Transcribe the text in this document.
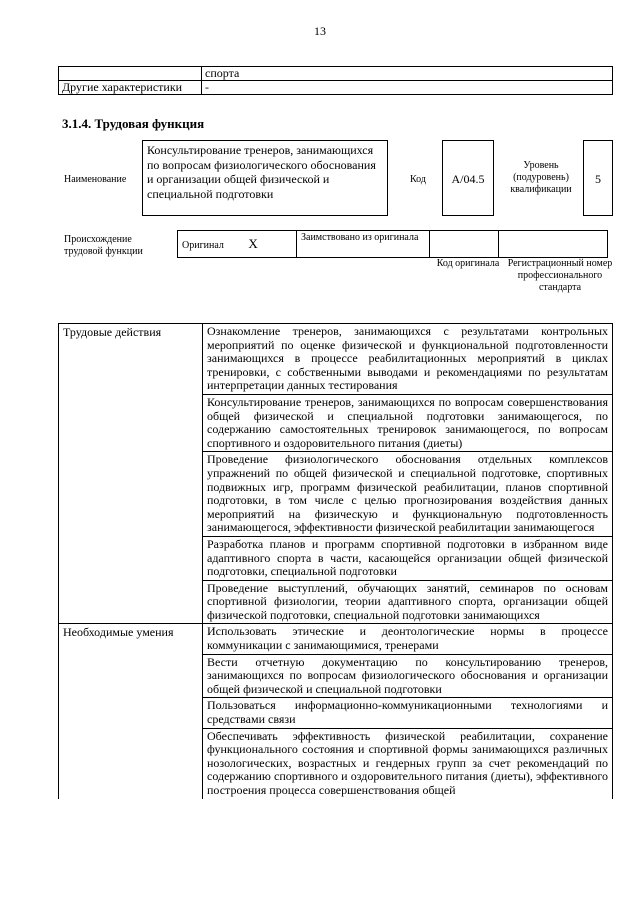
13
	спорта
Другие характеристики	-
3.1.4. Трудовая функция
Наименование
Консультирование тренеров, занимающихся по вопросам физиологического обоснования и организации общей физической и специальной подготовки
Код	A/04.5
Уровень (подуровень) квалификации
5
Происхождение
трудовой функции
Оригинал X	Заимствовано из оригинала		
Код оригинала Регистрационный номер профессионального стандарта
Трудовые действия	Ознакомление тренеров, занимающихся с результатами контрольных мероприятий по оценке физической и функциональной подготовленности занимающихся в процессе реабилитационных мероприятий в циклах тренировки, с собственными выводами и рекомендациями по результатам интерпретации данных тестирования
	Консультирование тренеров, занимающихся по вопросам совершенствования общей физической и специальной подготовки занимающегося, по содержанию самостоятельных тренировок занимающегося, по вопросам спортивного и оздоровительного питания (диеты)
	Проведение физиологического обоснования отдельных комплексов упражнений по общей физической и специальной подготовке, спортивных подвижных игр, программ физической реабилитации, планов спортивной подготовки, в том числе с целью прогнозирования воздействия данных мероприятий на физическую и функциональную подготовленность занимающегося, эффективности физической реабилитации занимающегося
	Разработка планов и программ спортивной подготовки в избранном виде адаптивного спорта в части, касающейся организации общей физической подготовки, специальной подготовки
	Проведение выступлений, обучающих занятий, семинаров по основам спортивной физиологии, теории адаптивного спорта, организации общей физической подготовки, специальной подготовки занимающихся
Необходимые умения	Использовать этические и деонтологические нормы в процессе коммуникации с занимающимися, тренерами
	Вести отчетную документацию по консультированию тренеров, занимающихся по вопросам физиологического обоснования и организации общей физической и специальной подготовки
	Пользоваться информационно-коммуникационными технологиями и средствами связи
	Обеспечивать эффективность физической реабилитации, сохранение функционального состояния и спортивной формы занимающихся различных нозологических, возрастных и гендерных групп за счет рекомендаций по содержанию спортивного и оздоровительного питания (диеты), эффективного построения процесса совершенствования общей
